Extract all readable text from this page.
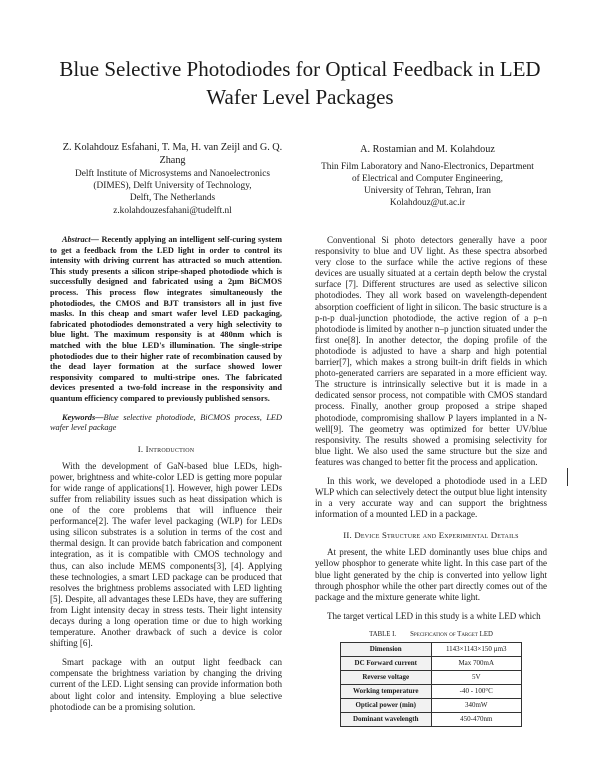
Blue Selective Photodiodes for Optical Feedback in LED Wafer Level Packages
Z. Kolahdouz Esfahani, T. Ma, H. van Zeijl and G. Q. Zhang
Delft Institute of Microsystems and Nanoelectronics
(DIMES), Delft University of Technology,
Delft, The Netherlands
z.kolahdouzesfahani@tudelft.nl
A. Rostamian and M. Kolahdouz
Thin Film Laboratory and Nano-Electronics, Department
of Electrical and Computer Engineering,
University of Tehran, Tehran, Iran
Kolahdouz@ut.ac.ir

Abstract— Recently applying an intelligent self-curing system to get a feedback from the LED light in order to control its intensity with driving current has attracted so much attention. This study presents a silicon stripe-shaped photodiode which is successfully designed and fabricated using a 2µm BiCMOS process. This process flow integrates simultaneously the photodiodes, the CMOS and BJT transistors all in just five masks. In this cheap and smart wafer level LED packaging, fabricated photodiodes demonstrated a very high selectivity to blue light. The maximum responsity is at 480nm which is matched with the blue LED's illumination. The single-stripe photodiodes due to their higher rate of recombination caused by the dead layer formation at the surface showed lower responsivity compared to multi-stripe ones. The fabricated devices presented a two-fold increase in the responsivity and quantum efficiency compared to previously published sensors.

Keywords—Blue selective photodiode, BiCMOS process, LED wafer level package

I. Introduction

With the development of GaN-based blue LEDs, high-power, brightness and white-color LED is getting more popular for wide range of applications[1]. However, high power LEDs suffer from reliability issues such as heat dissipation which is one of the core problems that will influence their performance[2]. The wafer level packaging (WLP) for LEDs using silicon substrates is a solution in terms of the cost and thermal design. It can provide batch fabrication and component integration, as it is compatible with CMOS technology and thus, can also include MEMS components[3], [4]. Applying these technologies, a smart LED package can be produced that resolves the brightness problems associated with LED lighting [5]. Despite, all advantages these LEDs have, they are suffering from Light intensity decay in stress tests. Their light intensity decays during a long operation time or due to high working temperature. Another drawback of such a device is color shifting [6].

Smart package with an output light feedback can compensate the brightness variation by changing the driving current of the LED. Light sensing can provide information both about light color and intensity. Employing a blue selective photodiode can be a promising solution.

Conventional Si photo detectors generally have a poor responsivity to blue and UV light. As these spectra absorbed very close to the surface while the active regions of these devices are usually situated at a certain depth below the crystal surface [7]. Different structures are used as selective silicon photodiodes. They all work based on wavelength-dependent absorption coefficient of light in silicon. The basic structure is a p-n-p dual-junction photodiode, the active region of a p–n photodiode is limited by another n–p junction situated under the first one[8]. In another detector, the doping profile of the photodiode is adjusted to have a sharp and high potential barrier[7], which makes a strong built-in drift fields in which photo-generated carriers are separated in a more efficient way. The structure is intrinsically selective but it is made in a dedicated sensor process, not compatible with CMOS standard process. Finally, another group proposed a stripe shaped photodiode, compromising shallow P layers implanted in a N-well[9]. The geometry was optimized for better UV/blue responsivity. The results showed a promising selectivity for blue light. We also used the same structure but the size and features was changed to better fit the process and application.

In this work, we developed a photodiode used in a LED WLP which can selectively detect the output blue light intensity in a very accurate way and can support the brightness information of a mounted LED in a package.

II. Device Structure and Experimental Details

At present, the white LED dominantly uses blue chips and yellow phosphor to generate white light. In this case part of the blue light generated by the chip is converted into yellow light through phosphor while the other part directly comes out of the package and the mixture generate white light.

The target vertical LED in this study is a white LED which

TABLE I. Specification of Target LED
Dimension	1143×1143×150 µm3
DC Forward current	Max 700mA
Reverse voltage	5V
Working temperature	-40 - 100°C
Optical power (min)	340mW
Dominant wavelength	450-470nm
